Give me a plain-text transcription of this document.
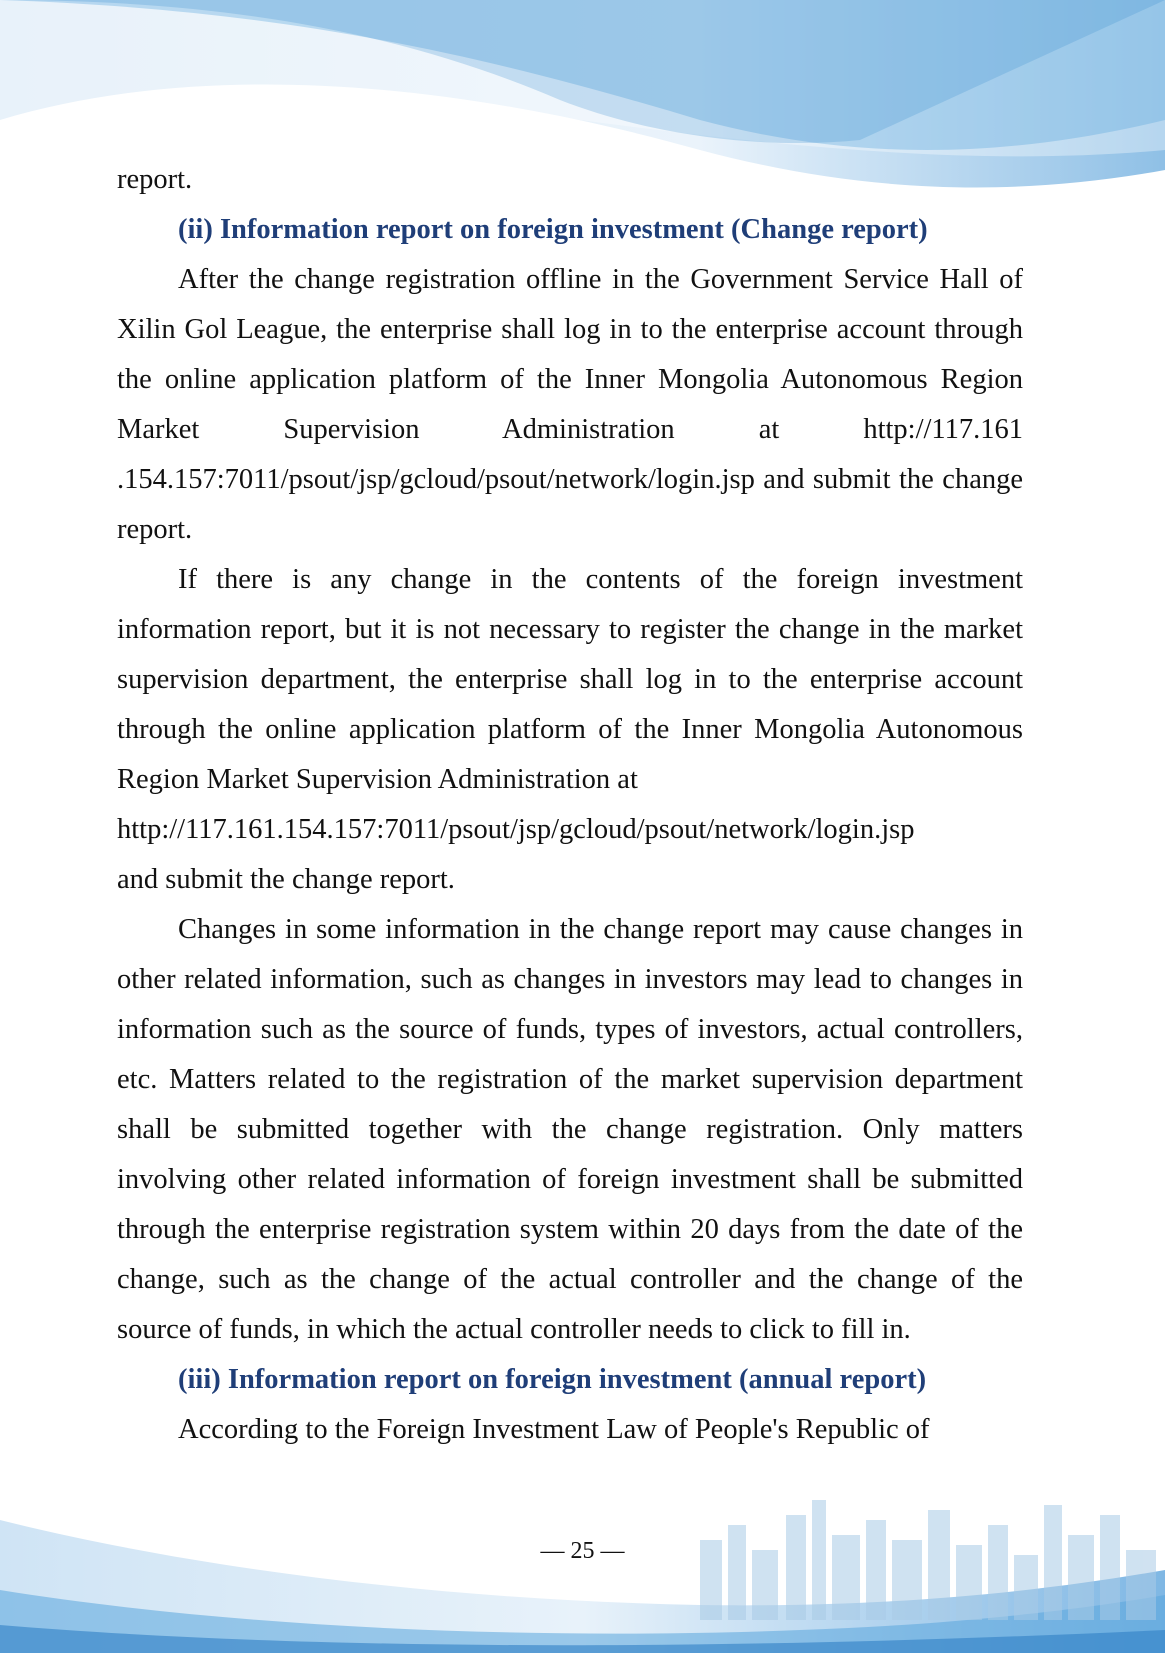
report.

(ii) Information report on foreign investment (Change report)

After the change registration offline in the Government Service Hall of Xilin Gol League, the enterprise shall log in to the enterprise account through the online application platform of the Inner Mongolia Autonomous Region Market Supervision Administration at http://117.161 .154.157:7011/psout/jsp/gcloud/psout/network/login.jsp and submit the change report.

If there is any change in the contents of the foreign investment information report, but it is not necessary to register the change in the market supervision department, the enterprise shall log in to the enterprise account through the online application platform of the Inner Mongolia Autonomous Region Market Supervision Administration at

http://117.161.154.157:7011/psout/jsp/gcloud/psout/network/login.jsp

and submit the change report.

Changes in some information in the change report may cause changes in other related information, such as changes in investors may lead to changes in information such as the source of funds, types of investors, actual controllers, etc. Matters related to the registration of the market supervision department shall be submitted together with the change registration. Only matters involving other related information of foreign investment shall be submitted through the enterprise registration system within 20 days from the date of the change, such as the change of the actual controller and the change of the source of funds, in which the actual controller needs to click to fill in.

(iii) Information report on foreign investment (annual report)

According to the Foreign Investment Law of People's Republic of

— 25 —
